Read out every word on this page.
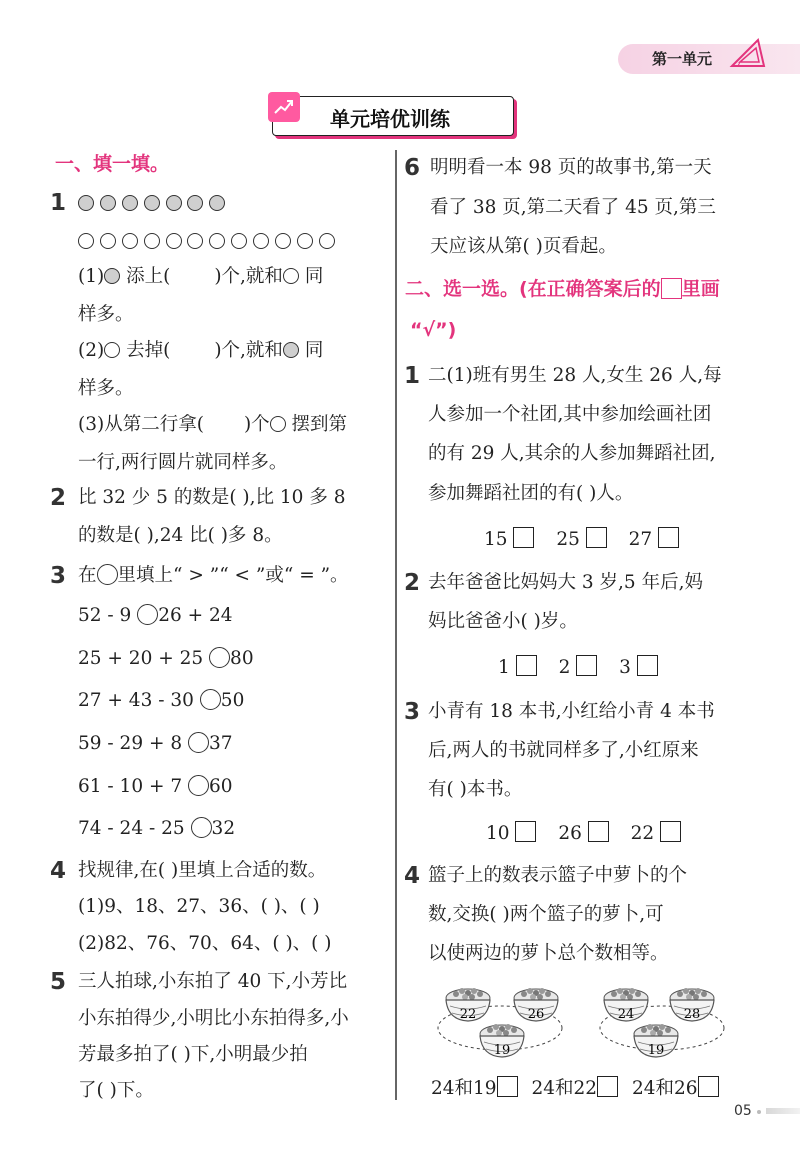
第一单元
单元培优训练
一、填一填。
1

(1) 添上( )个,就和 同
样多。
(2) 去掉( )个,就和 同
样多。
(3)从第二行拿( )个 摆到第
一行,两行圆片就同样多。
2 比 32 少 5 的数是( ),比 10 多 8
的数是( ),24 比( )多 8。
3 在 里填上“ > ”“ < ”或“ = ”。
52 - 9 26 + 24
25 + 20 + 25 80
27 + 43 - 30 50
59 - 29 + 8 37
61 - 10 + 7 60
74 - 24 - 25 32
4 找规律,在( )里填上合适的数。
(1)9、18、27、36、( )、( )
(2)82、76、70、64、( )、( )
5 三人拍球,小东拍了 40 下,小芳比
小东拍得少,小明比小东拍得多,小
芳最多拍了( )下,小明最少拍
了( )下。
6 明明看一本 98 页的故事书,第一天
看了 38 页,第二天看了 45 页,第三
天应该从第( )页看起。
二、选一选。(在正确答案后的 里画
“√”)
1 二(1)班有男生 28 人,女生 26 人,每
人参加一个社团,其中参加绘画社团
的有 29 人,其余的人参加舞蹈社团,
参加舞蹈社团的有( )人。
15	25	27
2 去年爸爸比妈妈大 3 岁,5 年后,妈
妈比爸爸小( )岁。
1	2	3
3 小青有 18 本书,小红给小青 4 本书
后,两人的书就同样多了,小红原来
有( )本书。
10	26	22
4 篮子上的数表示篮子中萝卜的个
数,交换( )两个篮子的萝卜,可
以使两边的萝卜总个数相等。
22	26
19
24	28
19
24和19 24和22 24和26
05
